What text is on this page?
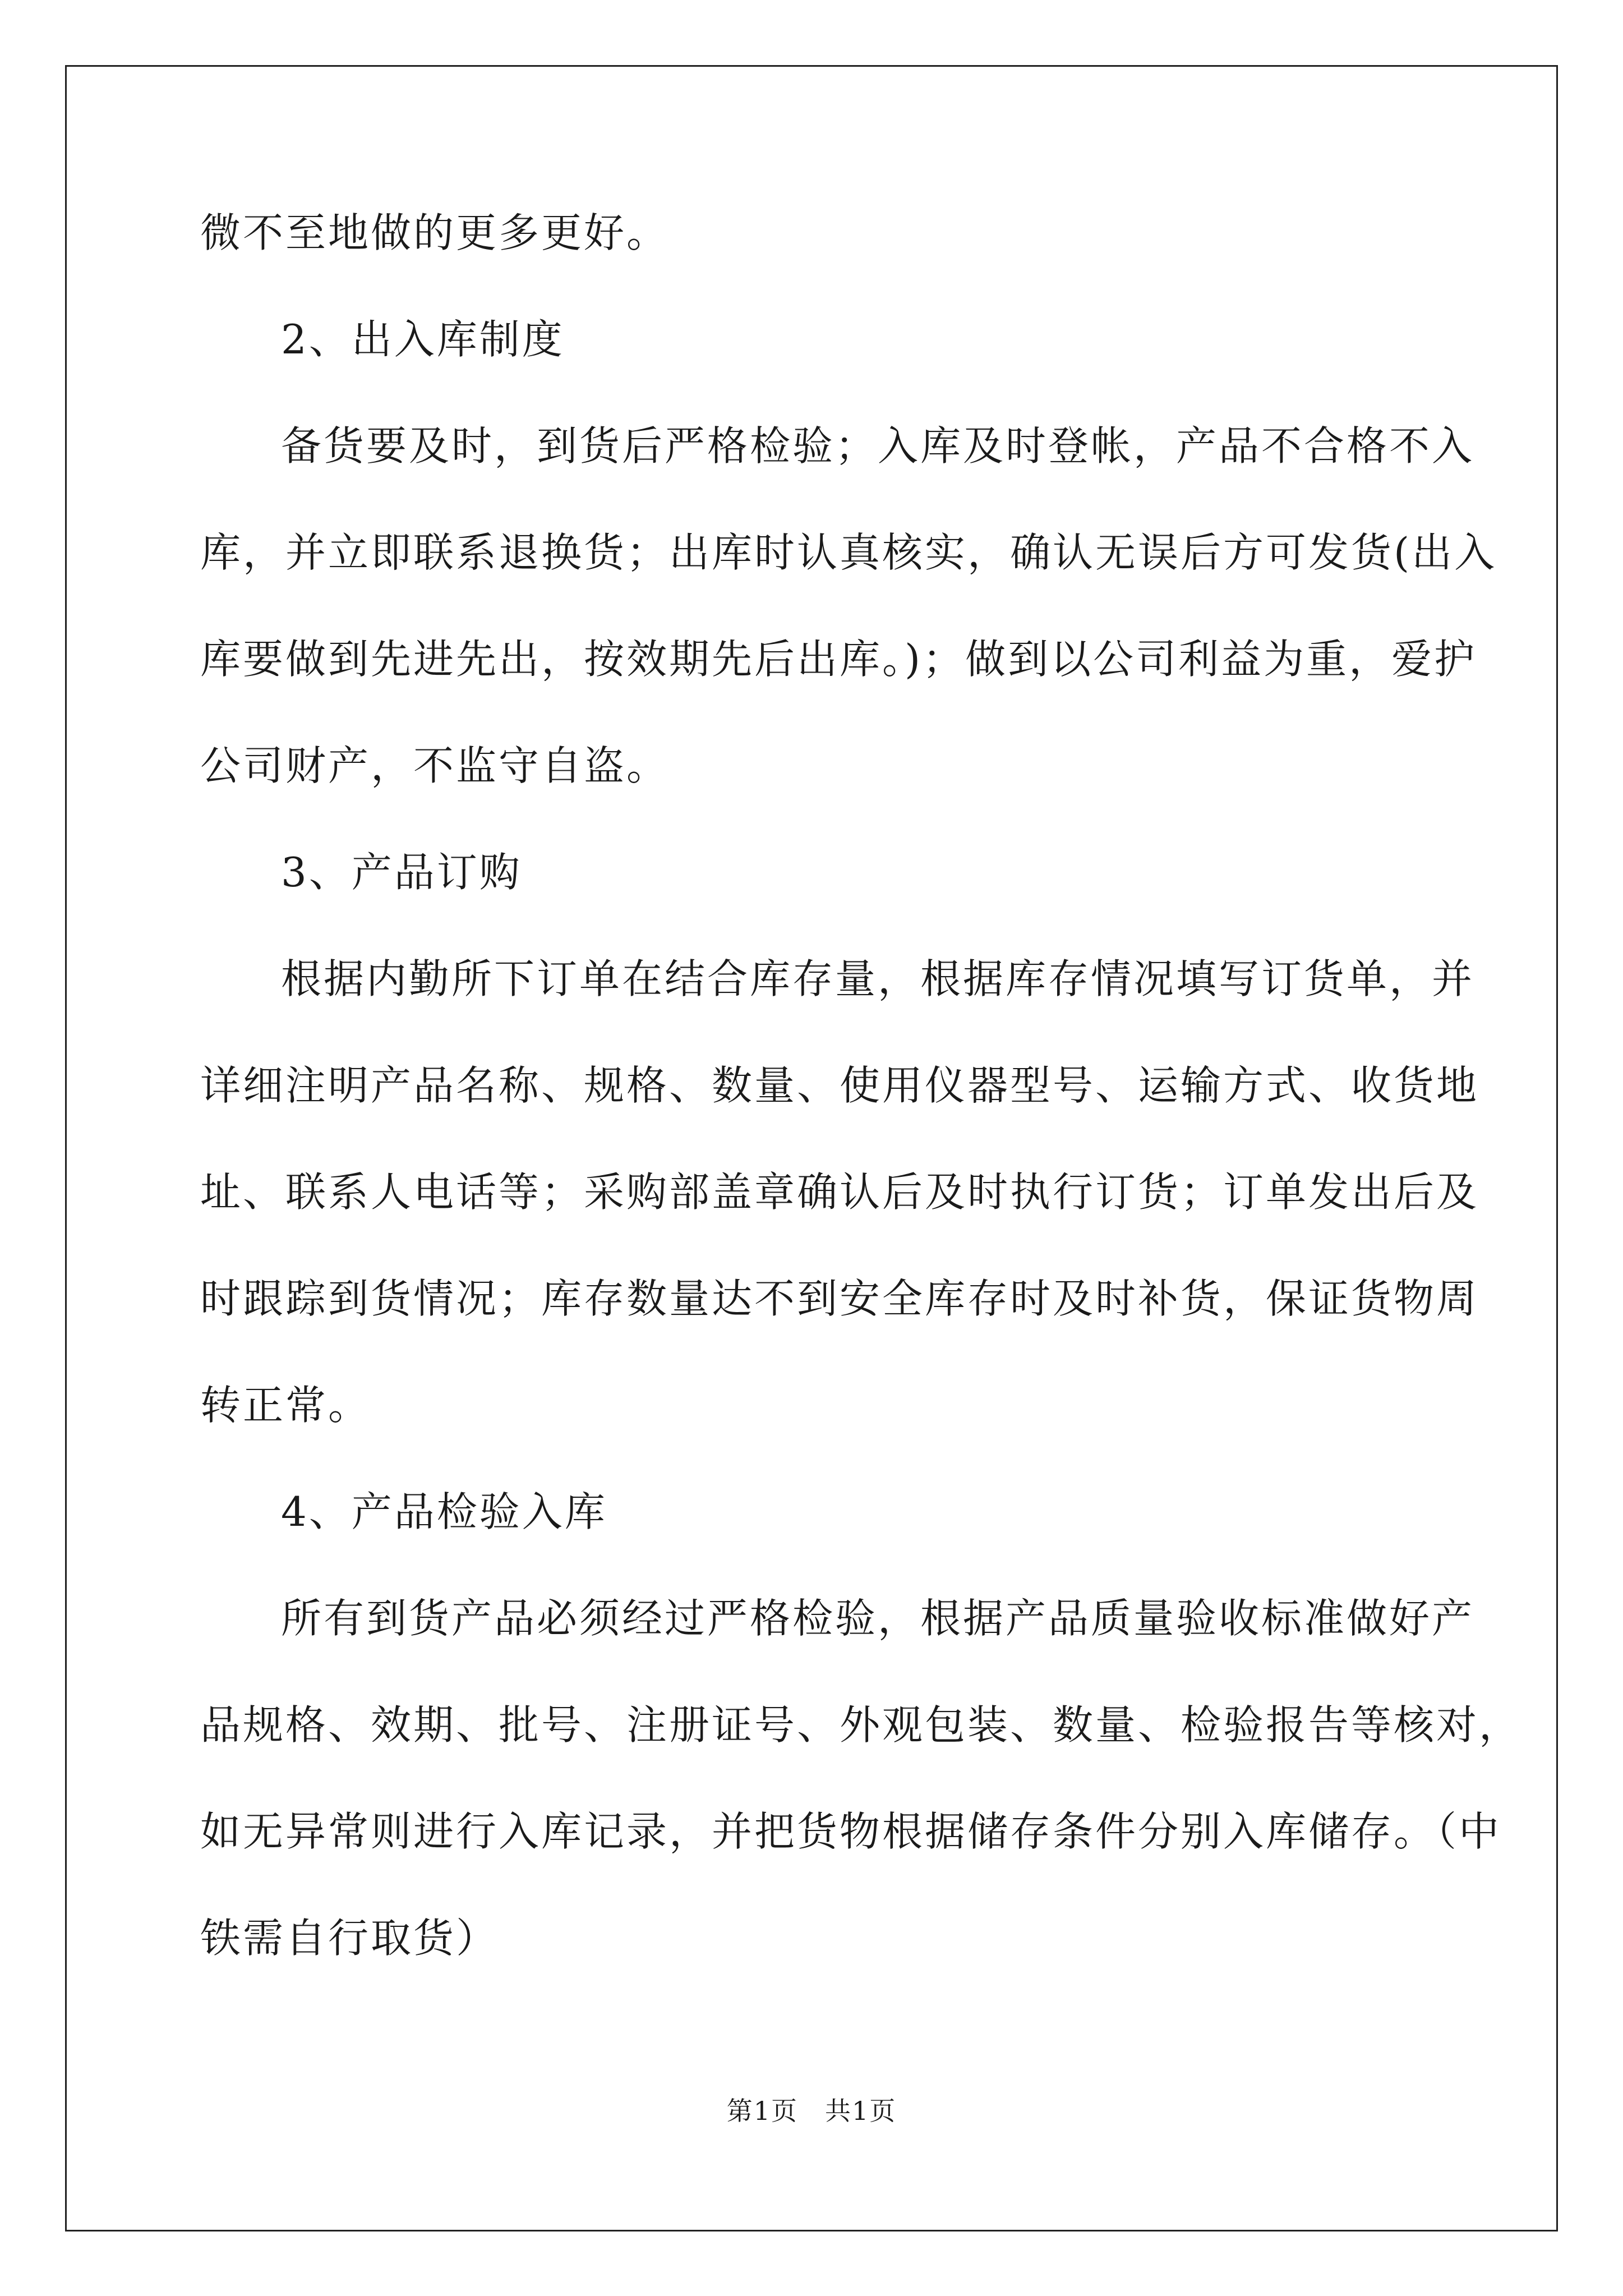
微不至地做的更多更好。
2、出入库制度
备货要及时，到货后严格检验；入库及时登帐，产品不合格不入
库，并立即联系退换货；出库时认真核实，确认无误后方可发货(出入
库要做到先进先出，按效期先后出库。)；做到以公司利益为重，爱护
公司财产，不监守自盗。
3、产品订购
根据内勤所下订单在结合库存量，根据库存情况填写订货单，并
详细注明产品名称、规格、数量、使用仪器型号、运输方式、收货地
址、联系人电话等；采购部盖章确认后及时执行订货；订单发出后及
时跟踪到货情况；库存数量达不到安全库存时及时补货，保证货物周
转正常。
4、产品检验入库
所有到货产品必须经过严格检验，根据产品质量验收标准做好产
品规格、效期、批号、注册证号、外观包装、数量、检验报告等核对，
如无异常则进行入库记录，并把货物根据储存条件分别入库储存。（中
铁需自行取货）
第1页　共1页
